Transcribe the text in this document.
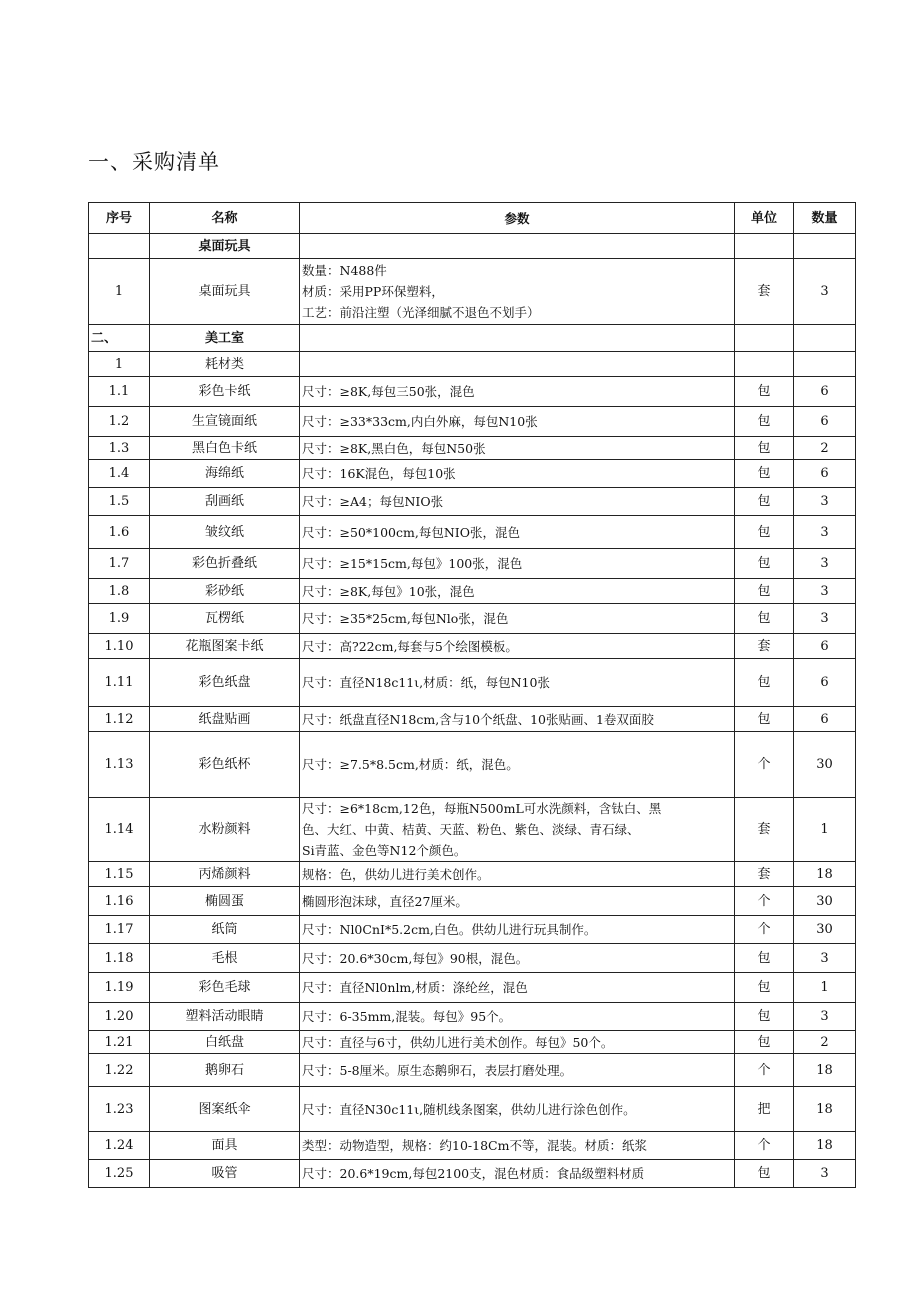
一、采购清单
序号	名称	参数	单位	数量
	桌面玩具			
1	桌面玩具	数量：N488件
材质：采用PP环保塑料，
工艺：前沿注塑（光泽细腻不退色不划手）	套	3
二、	美工室			
1	耗材类			
1.1	彩色卡纸	尺寸：≥8K,每包三50张，混色	包	6
1.2	生宣镜面纸	尺寸：≥33*33cm,内白外麻，每包N10张	包	6
1.3	黑白色卡纸	尺寸：≥8K,黑白色，每包N50张	包	2
1.4	海绵纸	尺寸：16K混色，每包10张	包	6
1.5	刮画纸	尺寸：≥A4；每包NIO张	包	3
1.6	皱纹纸	尺寸：≥50*100cm,每包NIO张，混色	包	3
1.7	彩色折叠纸	尺寸：≥15*15cm,每包》100张，混色	包	3
1.8	彩砂纸	尺寸：≥8K,每包》10张，混色	包	3
1.9	瓦楞纸	尺寸：≥35*25cm,每包Nlo张，混色	包	3
1.10	花瓶图案卡纸	尺寸：高?22cm,每套与5个绘图模板。	套	6
1.11	彩色纸盘	尺寸：直径N18c11ι,材质：纸，每包N10张	包	6
1.12	纸盘贴画	尺寸：纸盘直径N18cm,含与10个纸盘、10张贴画、1卷双面胶	包	6
1.13	彩色纸杯	尺寸：≥7.5*8.5cm,材质：纸，混色。	个	30
1.14	水粉颜料	尺寸：≥6*18cm,12色，每瓶N500mL可水洗颜料，含钛白、黑
色、大红、中黄、桔黄、天蓝、粉色、紫色、淡绿、青石绿、
Si青蓝、金色等N12个颜色。	套	1
1.15	丙烯颜料	规格：色，供幼儿进行美术创作。	套	18
1.16	椭圆蛋	椭圆形泡沫球，直径27厘米。	个	30
1.17	纸筒	尺寸：Nl0CnI*5.2cm,白色。供幼儿进行玩具制作。	个	30
1.18	毛根	尺寸：20.6*30cm,每包》90根，混色。	包	3
1.19	彩色毛球	尺寸：直径Nl0nlm,材质：涤纶丝，混色	包	1
1.20	塑料活动眼睛	尺寸：6-35mm,混装。每包》95个。	包	3
1.21	白纸盘	尺寸：直径与6寸，供幼儿进行美术创作。每包》50个。	包	2
1.22	鹅卵石	尺寸：5-8厘米。原生态鹅卵石，表层打磨处理。	个	18
1.23	图案纸伞	尺寸：直径N30c11ι,随机线条图案，供幼儿进行涂色创作。	把	18
1.24	面具	类型：动物造型，规格：约10-18Cm不等，混装。材质：纸浆	个	18
1.25	吸管	尺寸：20.6*19cm,每包2100支，混色材质：食品级塑料材质	包	3
